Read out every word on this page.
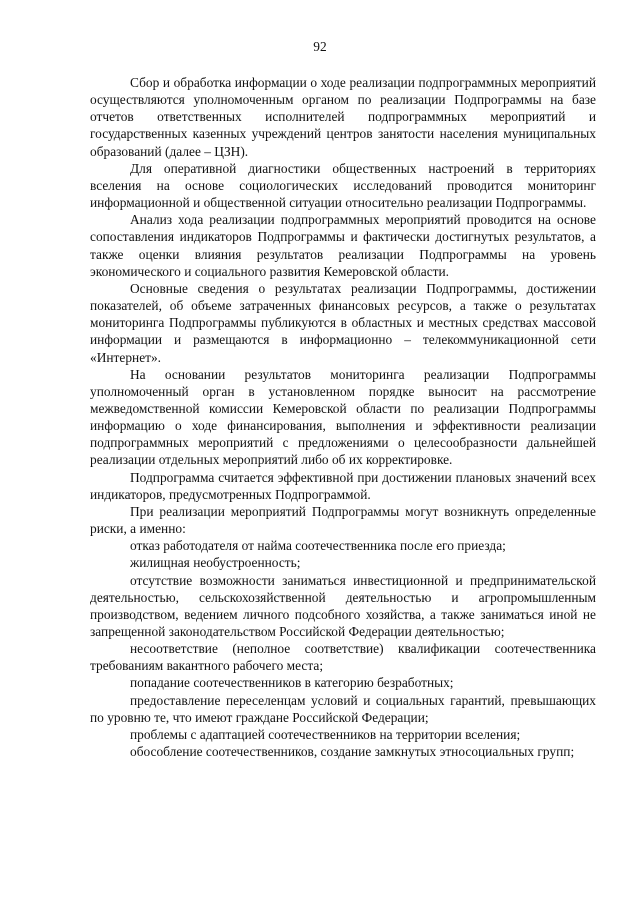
92

Сбор и обработка информации о ходе реализации подпрограммных мероприятий осуществляются уполномоченным органом по реализации Подпрограммы на базе отчетов ответственных исполнителей подпрограммных мероприятий и государственных казенных учреждений центров занятости населения муниципальных образований (далее – ЦЗН).

Для оперативной диагностики общественных настроений в территориях вселения на основе социологических исследований проводится мониторинг информационной и общественной ситуации относительно реализации Подпрограммы.

Анализ хода реализации подпрограммных мероприятий проводится на основе сопоставления индикаторов Подпрограммы и фактически достигнутых результатов, а также оценки влияния результатов реализации Подпрограммы на уровень экономического и социального развития Кемеровской области.

Основные сведения о результатах реализации Подпрограммы, достижении показателей, об объеме затраченных финансовых ресурсов, а также о результатах мониторинга Подпрограммы публикуются в областных и местных средствах массовой информации и размещаются в информационно – телекоммуникационной сети «Интернет».

На основании результатов мониторинга реализации Подпрограммы уполномоченный орган в установленном порядке выносит на рассмотрение межведомственной комиссии Кемеровской области по реализации Подпрограммы информацию о ходе финансирования, выполнения и эффективности реализации подпрограммных мероприятий с предложениями о целесообразности дальнейшей реализации отдельных мероприятий либо об их корректировке.

Подпрограмма считается эффективной при достижении плановых значений всех индикаторов, предусмотренных Подпрограммой.

При реализации мероприятий Подпрограммы могут возникнуть определенные риски, а именно:

отказ работодателя от найма соотечественника после его приезда;

жилищная необустроенность;

отсутствие возможности заниматься инвестиционной и предпринимательской деятельностью, сельскохозяйственной деятельностью и агропромышленным производством, ведением личного подсобного хозяйства, а также заниматься иной не запрещенной законодательством Российской Федерации деятельностью;

несоответствие (неполное соответствие) квалификации соотечественника требованиям вакантного рабочего места;

попадание соотечественников в категорию безработных;

предоставление переселенцам условий и социальных гарантий, превышающих по уровню те, что имеют граждане Российской Федерации;

проблемы с адаптацией соотечественников на территории вселения;

обособление соотечественников, создание замкнутых этносоциальных групп;
